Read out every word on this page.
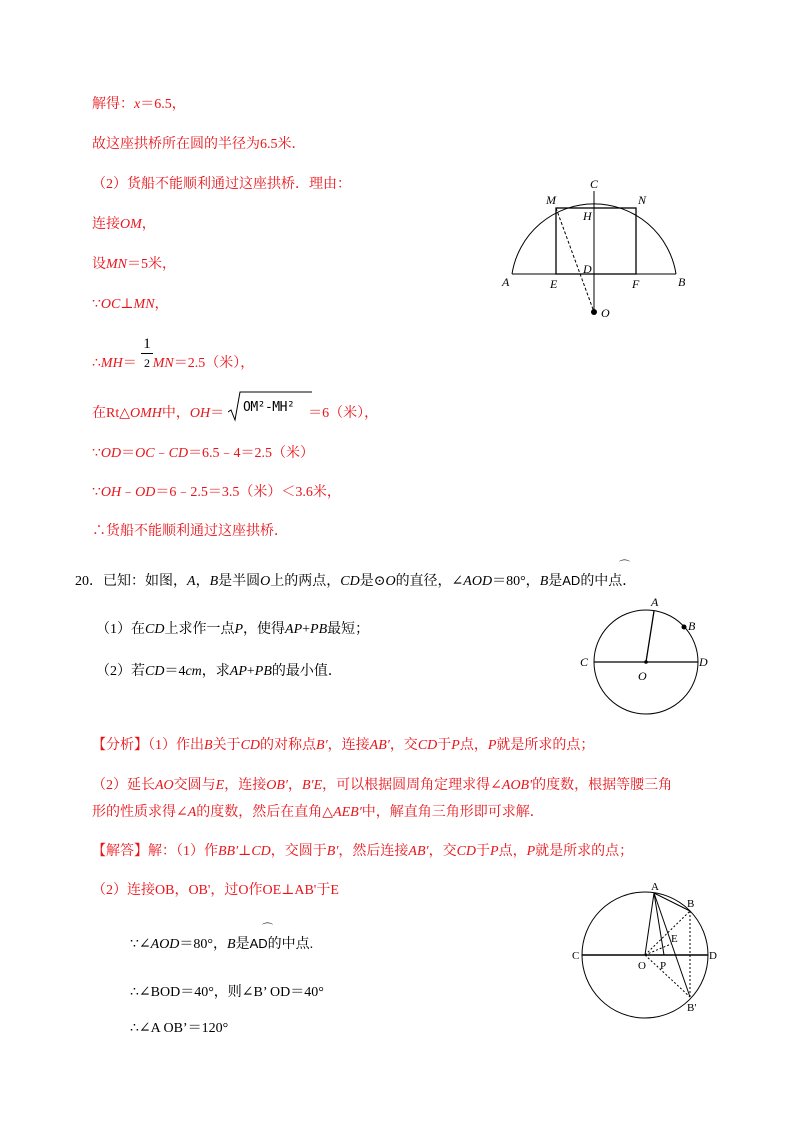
解得：x＝6.5，
故这座拱桥所在圆的半径为6.5米．
（2）货船不能顺利通过这座拱桥．理由：
连接OM，
设MN＝5米，
∵OC⊥MN，
∴MH＝ MN＝2.5（米），
1
2
在Rt△OMH中，OH＝	＝6（米），
OM²-MH²
∵OD＝OC﹣CD＝6.5﹣4＝2.5（米）
∵OH﹣OD＝6﹣2.5＝3.5（米）＜3.6米，
∴货船不能顺利通过这座拱桥．
M
C
N
H
D
A	E	F	B
O
20．已知：如图，A，B是半圆O上的两点，CD是⊙O的直径，∠AOD＝80°，B是AD的中点．
⌒
（1）在CD上求作一点P，使得AP+PB最短；
（2）若CD＝4cm，求AP+PB的最小值．
A
B
C
O
D
【分析】（1）作出B关于CD的对称点B′，连接AB′，交CD于P点，P就是所求的点；
（2）延长AO交圆与E，连接OB′，B′E，可以根据圆周角定理求得∠AOB′的度数，根据等腰三角
形的性质求得∠A的度数，然后在直角△AEB′中，解直角三角形即可求解．
【解答】解：（1）作BB′⊥CD，交圆于B′，然后连接AB′，交CD于P点，P就是所求的点；
（2）连接OB，OB'，过O作OE⊥AB'于E
∵∠AOD＝80°，B是AD的中点.
⌒
∴∠BOD＝40°，则∠B’ OD＝40°
∴∠A OB’＝120°
A
B
C
O P
E
D
B'
